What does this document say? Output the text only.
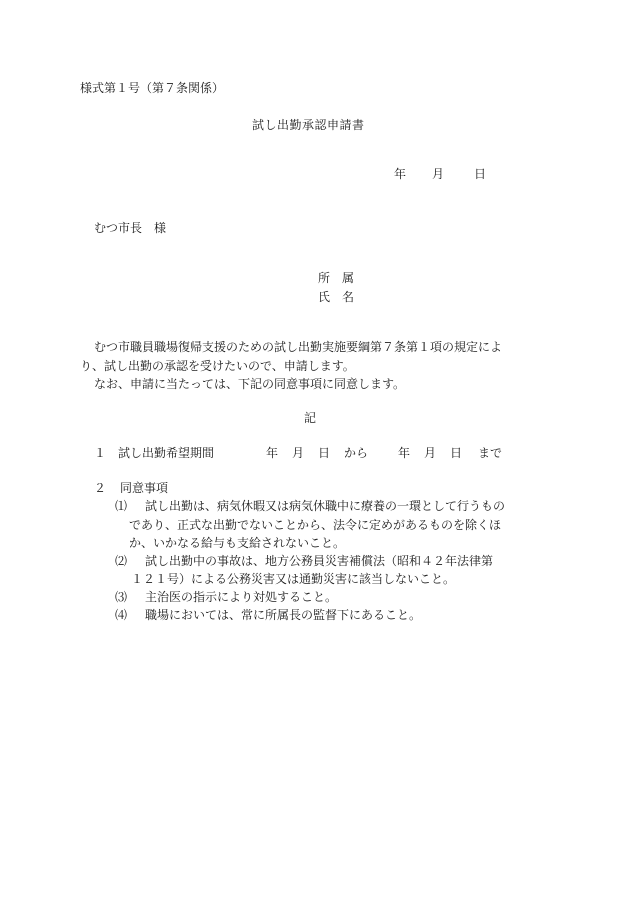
様式第１号（第７条関係）
試し出勤承認申請書
年 月 日
むつ市長　様
所　属
氏　名
むつ市職員職場復帰支援のための試し出勤実施要綱第７条第１項の規定によ
り、試し出勤の承認を受けたいので、申請します。
なお、申請に当たっては、下記の同意事項に同意します。
記
１ 試し出勤希望期間	年 月 日 から 年 月 日 まで
２ 同意事項
⑴ 試し出勤は、病気休暇又は病気休職中に療養の一環として行うもの
であり、正式な出勤でないことから、法令に定めがあるものを除くほ
か、いかなる給与も支給されないこと。
⑵ 試し出勤中の事故は、地方公務員災害補償法（昭和４２年法律第
１２１号）による公務災害又は通勤災害に該当しないこと。
⑶ 主治医の指示により対処すること。
⑷ 職場においては、常に所属長の監督下にあること。
